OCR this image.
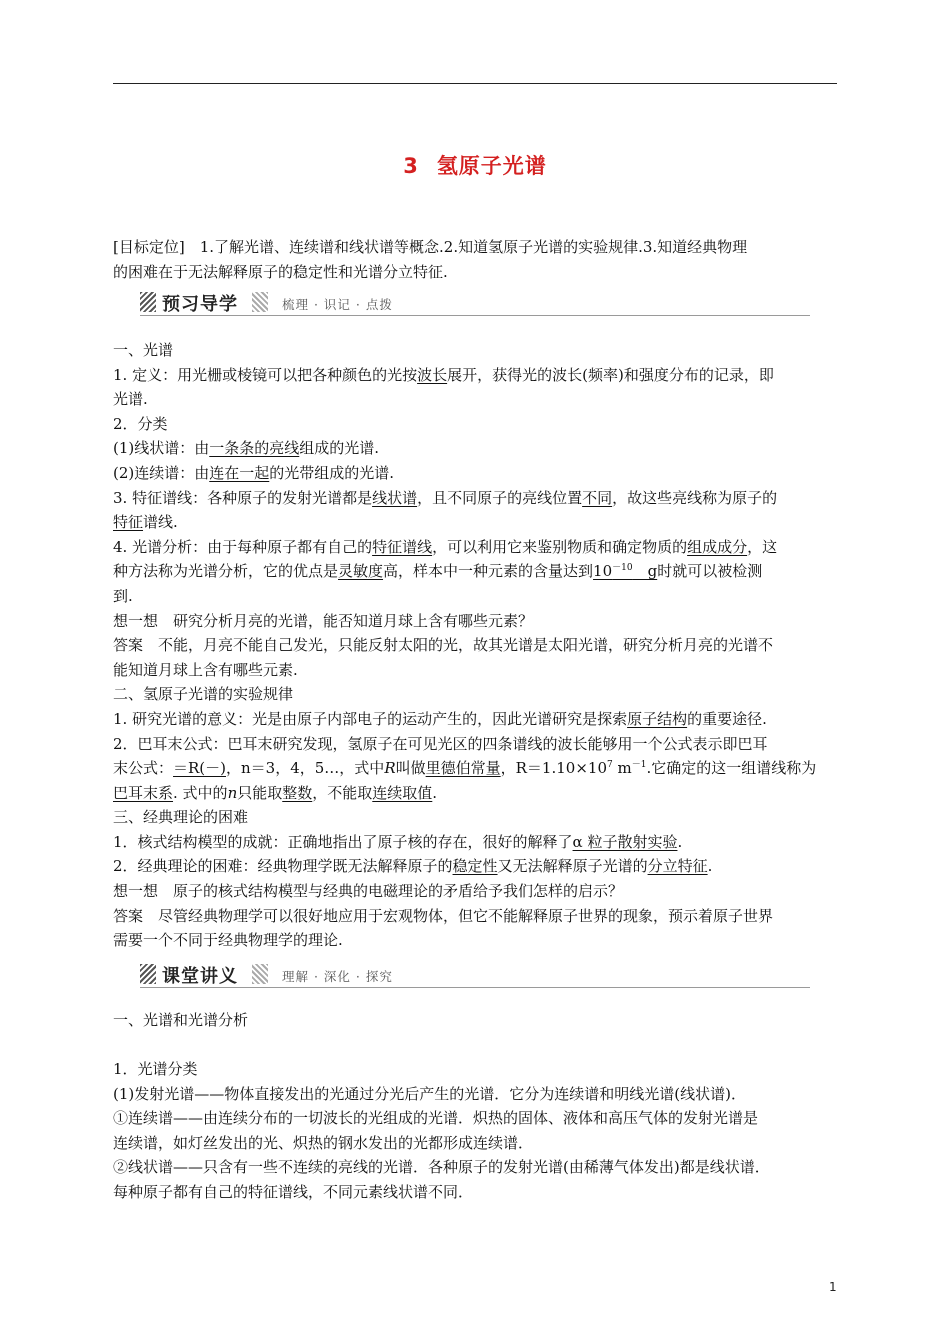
3 氢原子光谱

[目标定位]　1.了解光谱、连续谱和线状谱等概念.2.知道氢原子光谱的实验规律.3.知道经典物理

的困难在于无法解释原子的稳定性和光谱分立特征.

预习导学	梳理 · 识记 · 点拨

一、光谱

1. 定义：用光栅或棱镜可以把各种颜色的光按波长展开，获得光的波长(频率)和强度分布的记录，即

光谱.

2．分类

(1)线状谱：由一条条的亮线组成的光谱.

(2)连续谱：由连在一起的光带组成的光谱.

3. 特征谱线：各种原子的发射光谱都是线状谱，且不同原子的亮线位置不同，故这些亮线称为原子的

特征谱线.

4. 光谱分析：由于每种原子都有自己的特征谱线，可以利用它来鉴别物质和确定物质的组成成分，这

种方法称为光谱分析，它的优点是灵敏度高，样本中一种元素的含量达到$10^{-10}$　g时就可以被检测

到.

想一想　研究分析月亮的光谱，能否知道月球上含有哪些元素？

答案　不能，月亮不能自己发光，只能反射太阳的光，故其光谱是太阳光谱，研究分析月亮的光谱不

能知道月球上含有哪些元素.

二、氢原子光谱的实验规律

1. 研究光谱的意义：光是由原子内部电子的运动产生的，因此光谱研究是探索原子结构的重要途径.

2．巴耳末公式：巴耳末研究发现，氢原子在可见光区的四条谱线的波长能够用一个公式表示即巴耳

末公式：＝R(－)，n＝3，4，5…，式中R叫做里德伯常量，$R=1.10\times 10^7$ $m^{-1}$.它确定的这一组谱线称为

巴耳末系. 式中的n只能取整数，不能取连续取值.

三、经典理论的困难

1．核式结构模型的成就：正确地指出了原子核的存在，很好的解释了α 粒子散射实验.

2．经典理论的困难：经典物理学既无法解释原子的稳定性又无法解释原子光谱的分立特征.

想一想　原子的核式结构模型与经典的电磁理论的矛盾给予我们怎样的启示？

答案　尽管经典物理学可以很好地应用于宏观物体，但它不能解释原子世界的现象，预示着原子世界

需要一个不同于经典物理学的理论.

课堂讲义	理解 · 深化 · 探究

一、光谱和光谱分析

1．光谱分类

(1)发射光谱——物体直接发出的光通过分光后产生的光谱．它分为连续谱和明线光谱(线状谱)．

①连续谱——由连续分布的一切波长的光组成的光谱．炽热的固体、液体和高压气体的发射光谱是

连续谱，如灯丝发出的光、炽热的钢水发出的光都形成连续谱．

②线状谱——只含有一些不连续的亮线的光谱．各种原子的发射光谱(由稀薄气体发出)都是线状谱．

每种原子都有自己的特征谱线，不同元素线状谱不同．

1
